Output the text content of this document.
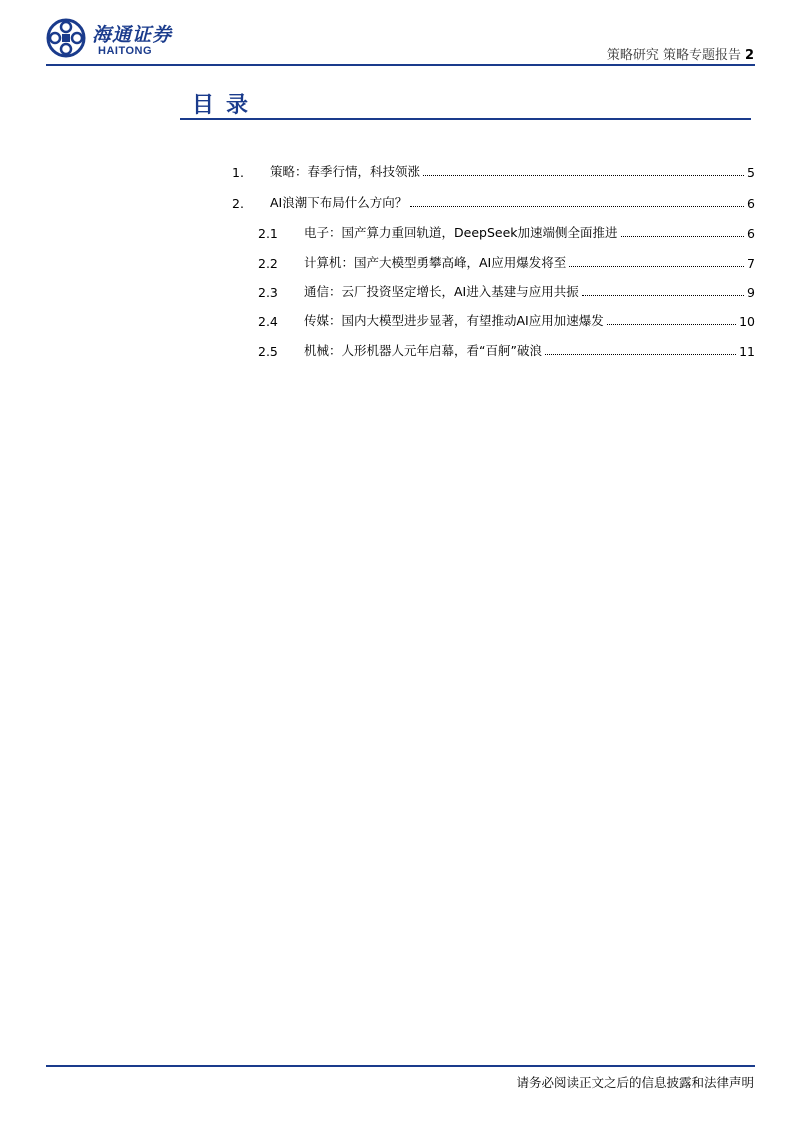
海通证券
HAITONG	策略研究 策略专题报告 2
目录
1.	策略：春季行情，科技领涨	5
2.	AI浪潮下布局什么方向？	6
2.1	电子：国产算力重回轨道，DeepSeek加速端侧全面推进	6
2.2	计算机：国产大模型勇攀高峰，AI应用爆发将至	7
2.3	通信：云厂投资坚定增长，AI进入基建与应用共振	9
2.4	传媒：国内大模型进步显著，有望推动AI应用加速爆发	10
2.5	机械：人形机器人元年启幕，看“百舸”破浪	11
请务必阅读正文之后的信息披露和法律声明
